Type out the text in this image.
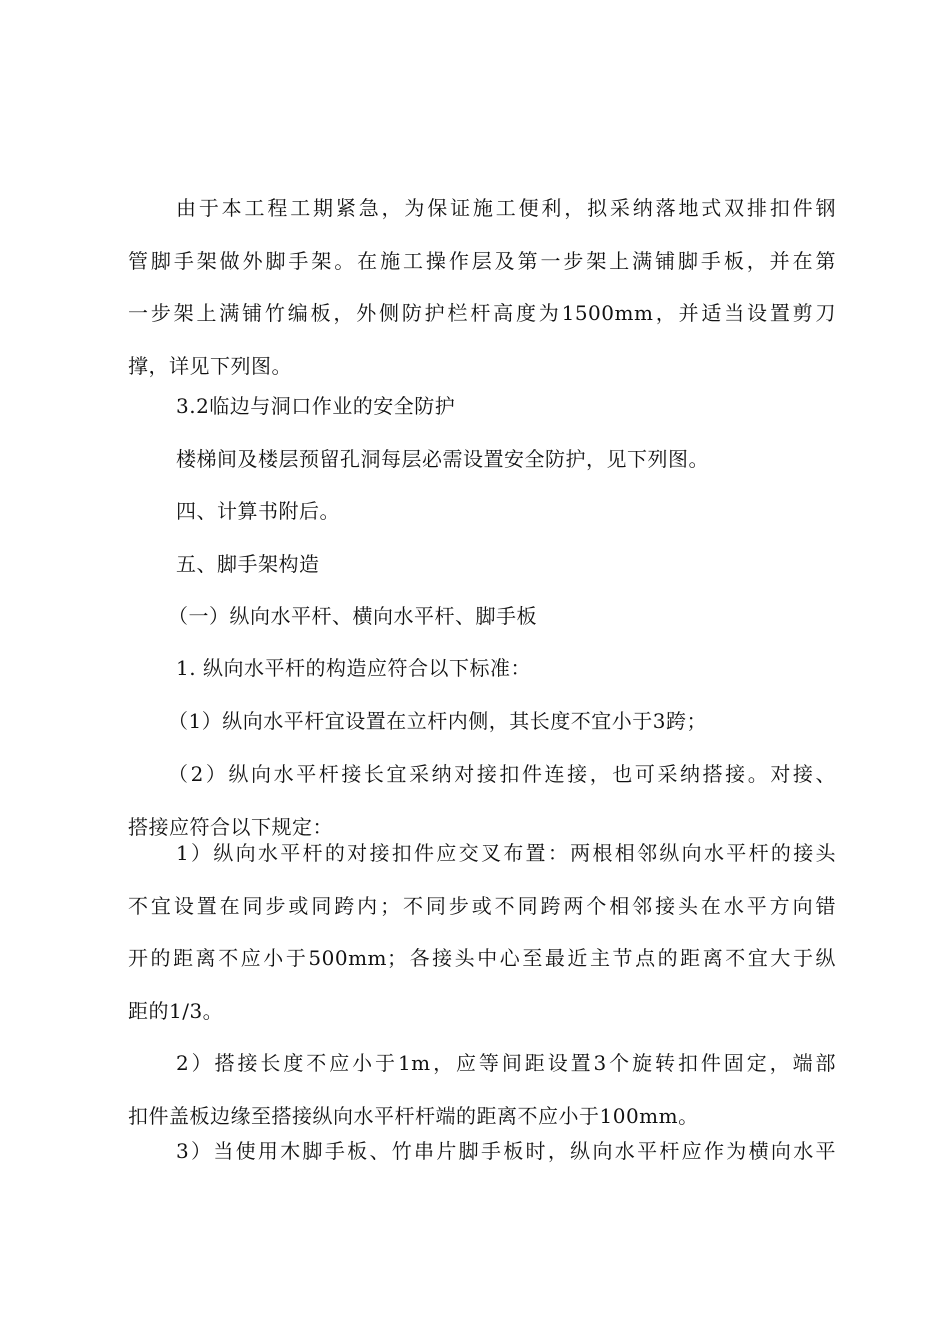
由于本工程工期紧急，为保证施工便利，拟采纳落地式双排扣件钢
管脚手架做外脚手架。在施工操作层及第一步架上满铺脚手板，并在第
一步架上满铺竹编板，外侧防护栏杆高度为1500mm，并适当设置剪刀
撑，详见下列图。
3.2临边与洞口作业的安全防护
楼梯间及楼层预留孔洞每层必需设置安全防护，见下列图。
四、计算书附后。
五、脚手架构造
（一）纵向水平杆、横向水平杆、脚手板
1. 纵向水平杆的构造应符合以下标准：
（1）纵向水平杆宜设置在立杆内侧，其长度不宜小于3跨；
（2）纵向水平杆接长宜采纳对接扣件连接，也可采纳搭接。对接、
搭接应符合以下规定：
1）纵向水平杆的对接扣件应交叉布置：两根相邻纵向水平杆的接头
不宜设置在同步或同跨内；不同步或不同跨两个相邻接头在水平方向错
开的距离不应小于500mm；各接头中心至最近主节点的距离不宜大于纵
距的1/3。
2）搭接长度不应小于1m，应等间距设置3个旋转扣件固定，端部
扣件盖板边缘至搭接纵向水平杆杆端的距离不应小于100mm。
3）当使用木脚手板、竹串片脚手板时，纵向水平杆应作为横向水平
